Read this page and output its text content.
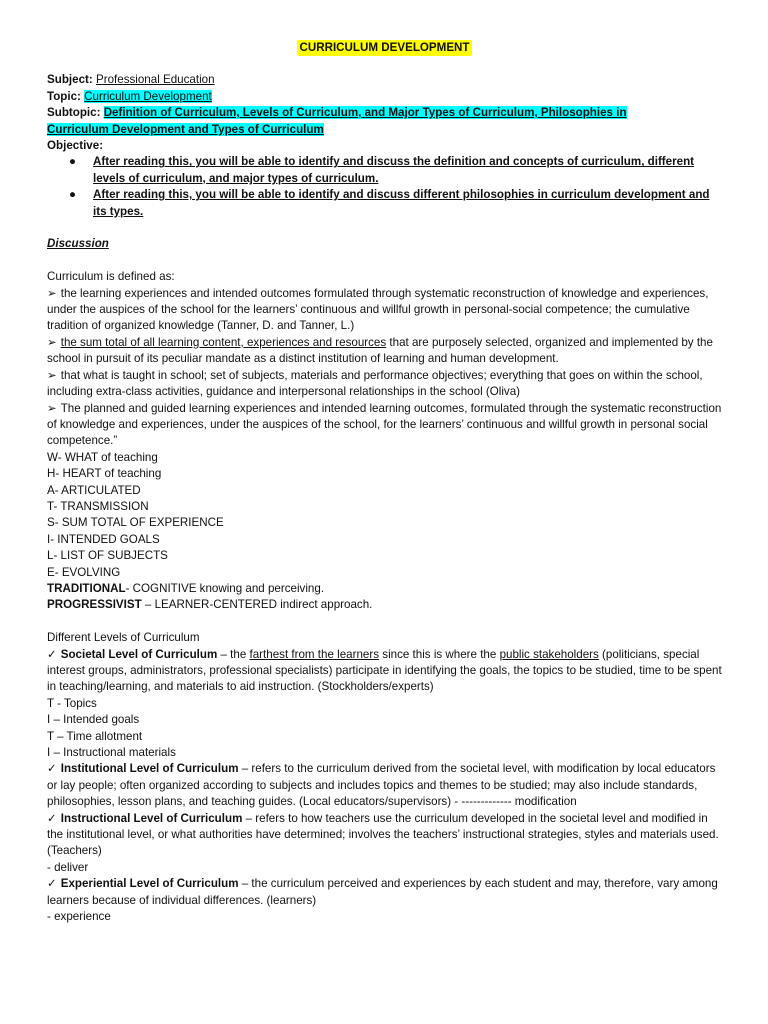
CURRICULUM DEVELOPMENT
Subject: Professional Education
Topic: Curriculum Development
Subtopic: Definition of Curriculum, Levels of Curriculum, and Major Types of Curriculum, Philosophies in
Curriculum Development and Types of Curriculum
Objective:
● After reading this, you will be able to identify and discuss the definition and concepts of curriculum, different levels of curriculum, and major types of curriculum.
● After reading this, you will be able to identify and discuss different philosophies in curriculum development and its types.
Discussion
Curriculum is defined as:
➢ the learning experiences and intended outcomes formulated through systematic reconstruction of knowledge and experiences, under the auspices of the school for the learners’ continuous and willful growth in personal-social competence; the cumulative tradition of organized knowledge (Tanner, D. and Tanner, L.)
➢ the sum total of all learning content, experiences and resources that are purposely selected, organized and implemented by the school in pursuit of its peculiar mandate as a distinct institution of learning and human development.
➢ that what is taught in school; set of subjects, materials and performance objectives; everything that goes on within the school, including extra-class activities, guidance and interpersonal relationships in the school (Oliva)
➢ The planned and guided learning experiences and intended learning outcomes, formulated through the systematic reconstruction of knowledge and experiences, under the auspices of the school, for the learners’ continuous and willful growth in personal social competence.”
W- WHAT of teaching
H- HEART of teaching
A- ARTICULATED
T- TRANSMISSION
S- SUM TOTAL OF EXPERIENCE
I- INTENDED GOALS
L- LIST OF SUBJECTS
E- EVOLVING
TRADITIONAL- COGNITIVE knowing and perceiving.
PROGRESSIVIST – LEARNER-CENTERED indirect approach.
Different Levels of Curriculum
✓ Societal Level of Curriculum – the farthest from the learners since this is where the public stakeholders (politicians, special interest groups, administrators, professional specialists) participate in identifying the goals, the topics to be studied, time to be spent in teaching/learning, and materials to aid instruction. (Stockholders/experts)
T - Topics
I – Intended goals
T – Time allotment
I – Instructional materials
✓ Institutional Level of Curriculum – refers to the curriculum derived from the societal level, with modification by local educators or lay people; often organized according to subjects and includes topics and themes to be studied; may also include standards, philosophies, lesson plans, and teaching guides. (Local educators/supervisors) - ------------- modification
✓ Instructional Level of Curriculum – refers to how teachers use the curriculum developed in the societal level and modified in the institutional level, or what authorities have determined; involves the teachers’ instructional strategies, styles and materials used. (Teachers)
- deliver
✓ Experiential Level of Curriculum – the curriculum perceived and experiences by each student and may, therefore, vary among learners because of individual differences. (learners)
- experience
